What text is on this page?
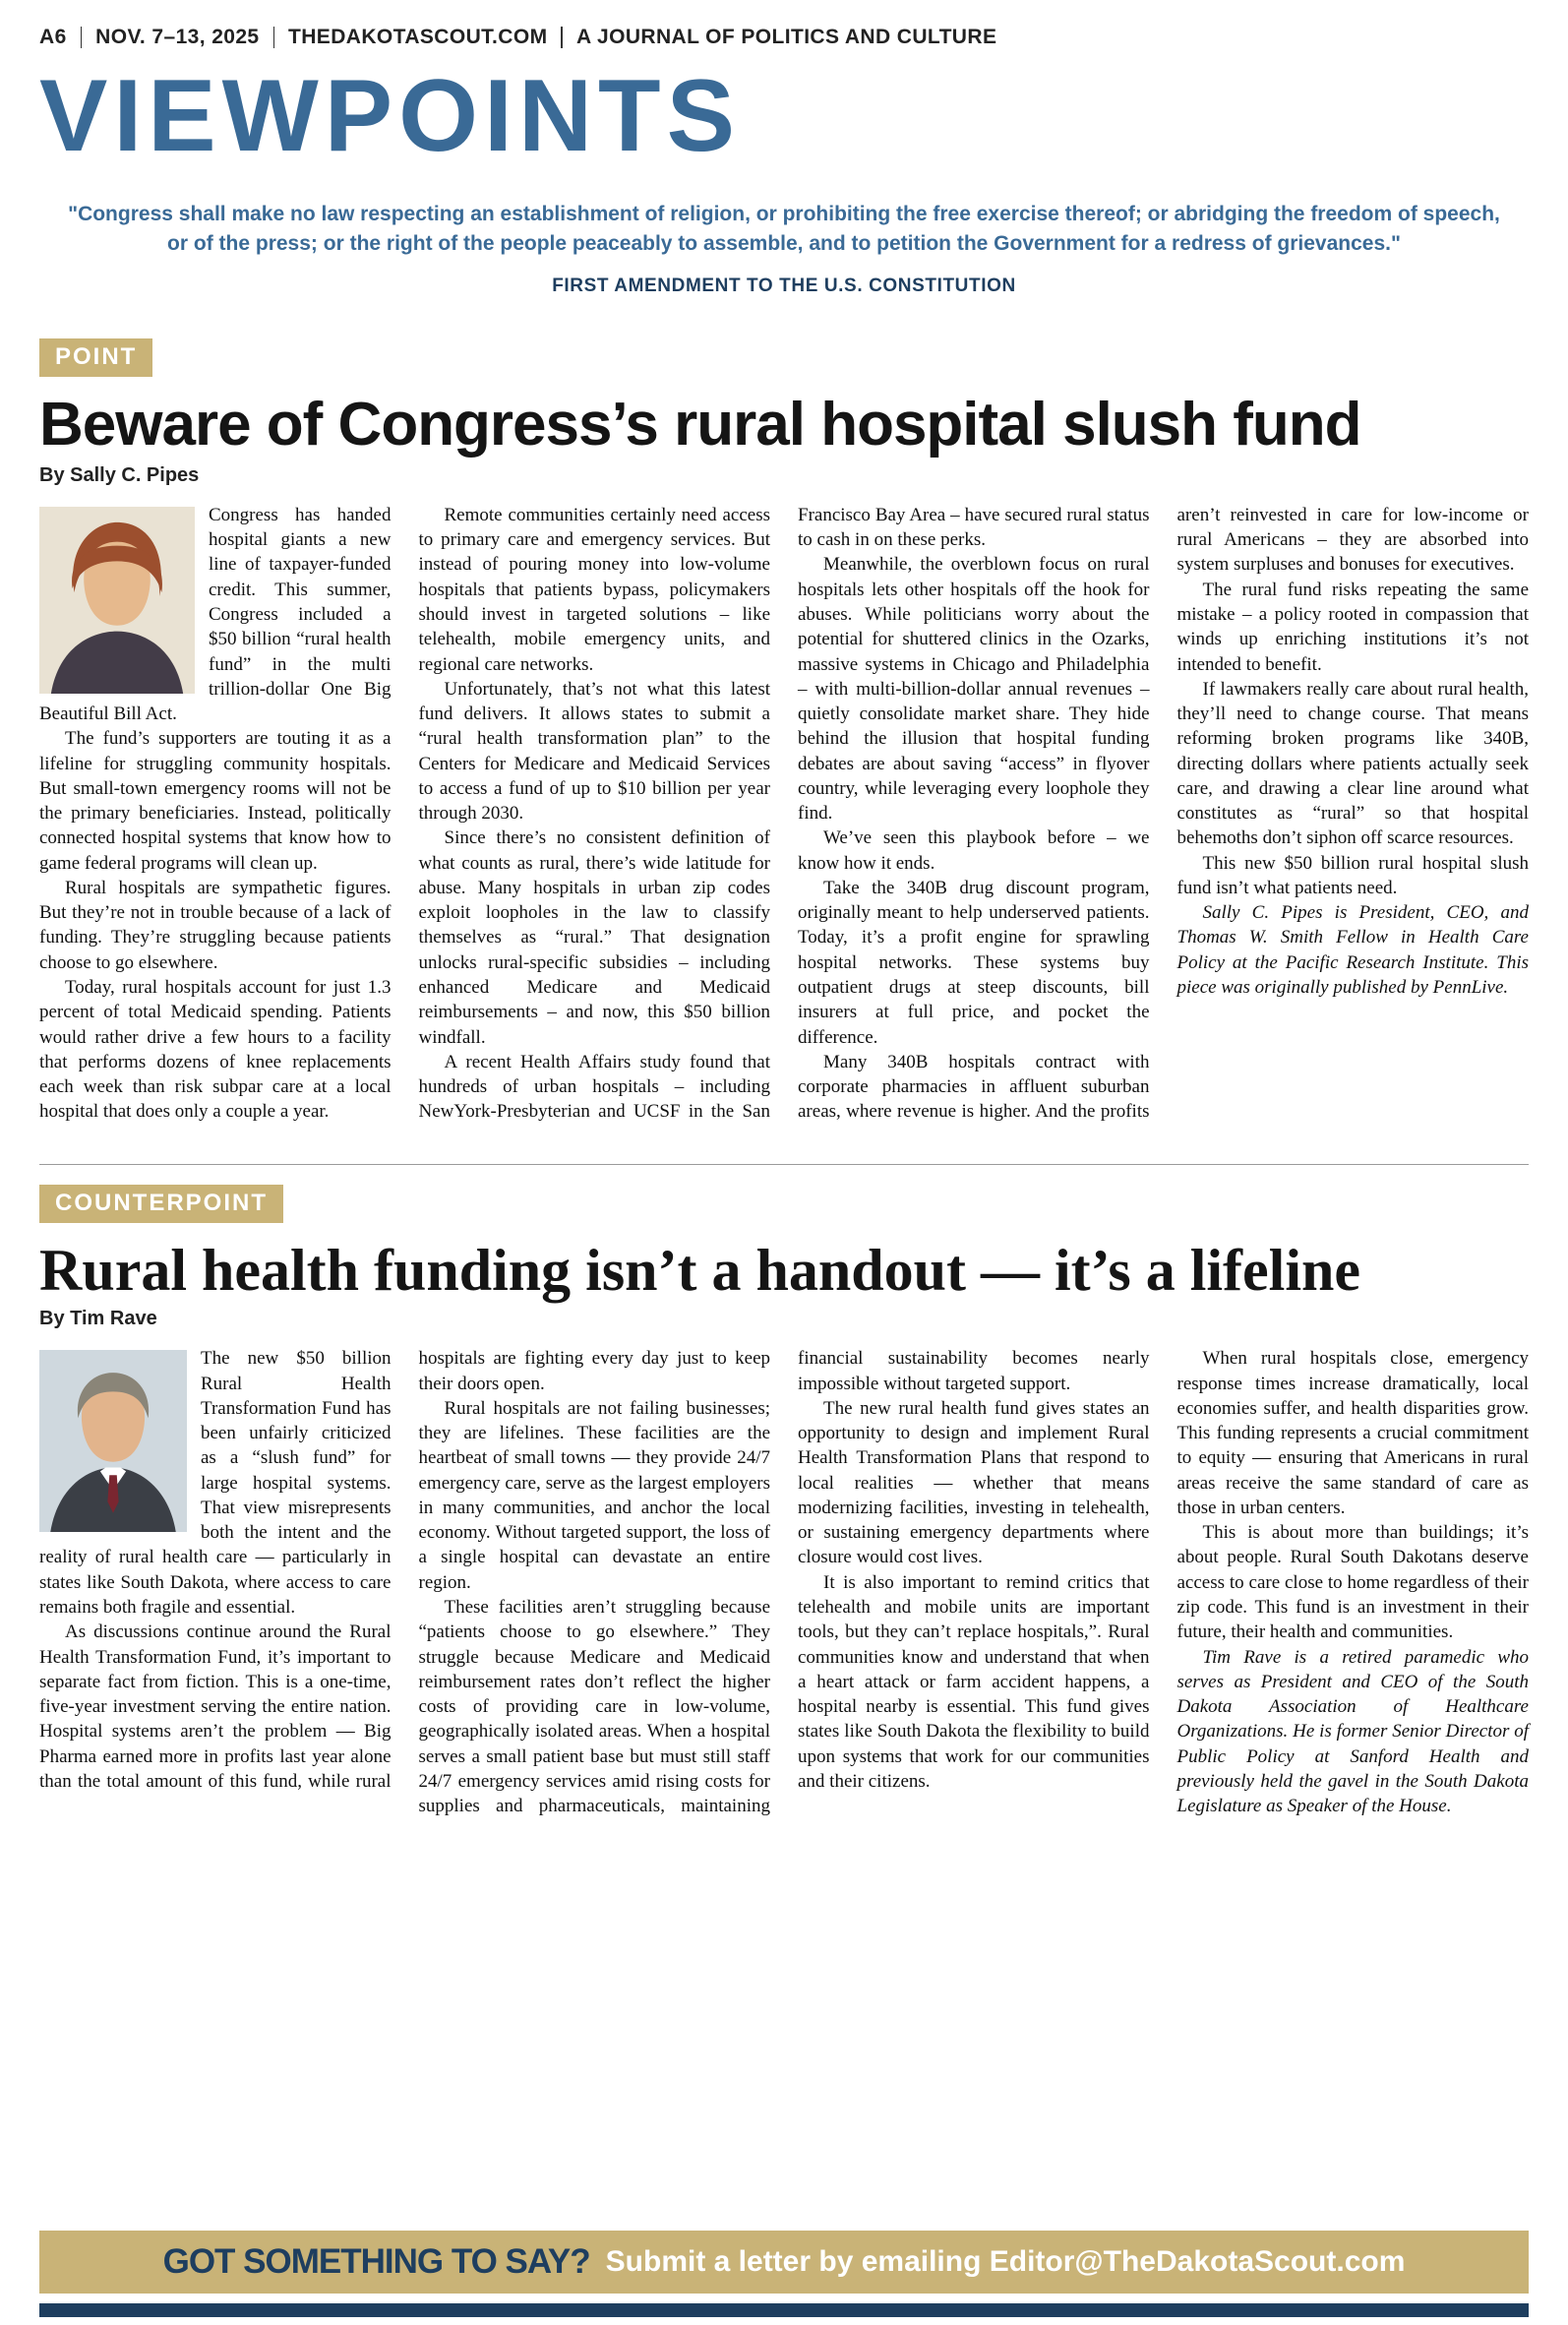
A6 NOV. 7–13, 2025 THEDAKOTASCOUT.COM A JOURNAL OF POLITICS AND CULTURE
VIEWPOINTS
"Congress shall make no law respecting an establishment of religion, or prohibiting the free exercise thereof; or abridging the freedom of speech, or of the press; or the right of the people peaceably to assemble, and to petition the Government for a redress of grievances."
FIRST AMENDMENT TO THE U.S. CONSTITUTION
POINT
Beware of Congress’s rural hospital slush fund
By Sally C. Pipes

Congress has handed hospital giants a new line of taxpayer-funded credit. This summer, Congress included a $50 billion “rural health fund” in the multi trillion-dollar One Big Beautiful Bill Act.

The fund’s supporters are touting it as a lifeline for struggling community hospitals. But small-town emergency rooms will not be the primary beneficiaries. Instead, politically connected hospital systems that know how to game federal programs will clean up.

Rural hospitals are sympathetic figures. But they’re not in trouble because of a lack of funding. They’re struggling because patients choose to go elsewhere.

Today, rural hospitals account for just 1.3 percent of total Medicaid spending. Patients would rather drive a few hours to a facility that performs dozens of knee replacements each week than risk subpar care at a local hospital that does only a couple a year.

Remote communities certainly need access to primary care and emergency services. But instead of pouring money into low-volume hospitals that patients bypass, policymakers should invest in targeted solutions – like telehealth, mobile emergency units, and regional care networks.

Unfortunately, that’s not what this latest fund delivers. It allows states to submit a “rural health transformation plan” to the Centers for Medicare and Medicaid Services to access a fund of up to $10 billion per year through 2030.

Since there’s no consistent definition of what counts as rural, there’s wide latitude for abuse. Many hospitals in urban zip codes exploit loopholes in the law to classify themselves as “rural.” That designation unlocks rural-specific subsidies – including enhanced Medicare and Medicaid reimbursements – and now, this $50 billion windfall.

A recent Health Affairs study found that hundreds of urban hospitals – including NewYork-Presbyterian and UCSF in the San Francisco Bay Area – have secured rural status to cash in on these perks.

Meanwhile, the overblown focus on rural hospitals lets other hospitals off the hook for abuses. While politicians worry about the potential for shuttered clinics in the Ozarks, massive systems in Chicago and Philadelphia – with multi-billion-dollar annual revenues – quietly consolidate market share. They hide behind the illusion that hospital funding debates are about saving “access” in flyover country, while leveraging every loophole they find.

We’ve seen this playbook before – we know how it ends.

Take the 340B drug discount program, originally meant to help underserved patients. Today, it’s a profit engine for sprawling hospital networks. These systems buy outpatient drugs at steep discounts, bill insurers at full price, and pocket the difference.

Many 340B hospitals contract with corporate pharmacies in affluent suburban areas, where revenue is higher. And the profits aren’t reinvested in care for low-income or rural Americans – they are absorbed into system surpluses and bonuses for executives.

The rural fund risks repeating the same mistake – a policy rooted in compassion that winds up enriching institutions it’s not intended to benefit.

If lawmakers really care about rural health, they’ll need to change course. That means reforming broken programs like 340B, directing dollars where patients actually seek care, and drawing a clear line around what constitutes as “rural” so that hospital behemoths don’t siphon off scarce resources.

This new $50 billion rural hospital slush fund isn’t what patients need.

Sally C. Pipes is President, CEO, and Thomas W. Smith Fellow in Health Care Policy at the Pacific Research Institute. This piece was originally published by PennLive.

COUNTERPOINT
Rural health funding isn’t a handout — it’s a lifeline
By Tim Rave

The new $50 billion Rural Health Transformation Fund has been unfairly criticized as a “slush fund” for large hospital systems. That view misrepresents both the intent and the reality of rural health care — particularly in states like South Dakota, where access to care remains both fragile and essential.

As discussions continue around the Rural Health Transformation Fund, it’s important to separate fact from fiction. This is a one-time, five-year investment serving the entire nation. Hospital systems aren’t the problem — Big Pharma earned more in profits last year alone than the total amount of this fund, while rural hospitals are fighting every day just to keep their doors open.

Rural hospitals are not failing businesses; they are lifelines. These facilities are the heartbeat of small towns — they provide 24/7 emergency care, serve as the largest employers in many communities, and anchor the local economy. Without targeted support, the loss of a single hospital can devastate an entire region.

These facilities aren’t struggling because “patients choose to go elsewhere.” They struggle because Medicare and Medicaid reimbursement rates don’t reflect the higher costs of providing care in low-volume, geographically isolated areas. When a hospital serves a small patient base but must still staff 24/7 emergency services amid rising costs for supplies and pharmaceuticals, maintaining financial sustainability becomes nearly impossible without targeted support.

The new rural health fund gives states an opportunity to design and implement Rural Health Transformation Plans that respond to local realities — whether that means modernizing facilities, investing in telehealth, or sustaining emergency departments where closure would cost lives.

It is also important to remind critics that telehealth and mobile units are important tools, but they can’t replace hospitals,”. Rural communities know and understand that when a heart attack or farm accident happens, a hospital nearby is essential. This fund gives states like South Dakota the flexibility to build upon systems that work for our communities and their citizens.

When rural hospitals close, emergency response times increase dramatically, local economies suffer, and health disparities grow. This funding represents a crucial commitment to equity — ensuring that Americans in rural areas receive the same standard of care as those in urban centers.

This is about more than buildings; it’s about people. Rural South Dakotans deserve access to care close to home regardless of their zip code. This fund is an investment in their future, their health and communities.

Tim Rave is a retired paramedic who serves as President and CEO of the South Dakota Association of Healthcare Organizations. He is former Senior Director of Public Policy at Sanford Health and previously held the gavel in the South Dakota Legislature as Speaker of the House.

GOT SOMETHING TO SAY? Submit a letter by emailing Editor@TheDakotaScout.com
